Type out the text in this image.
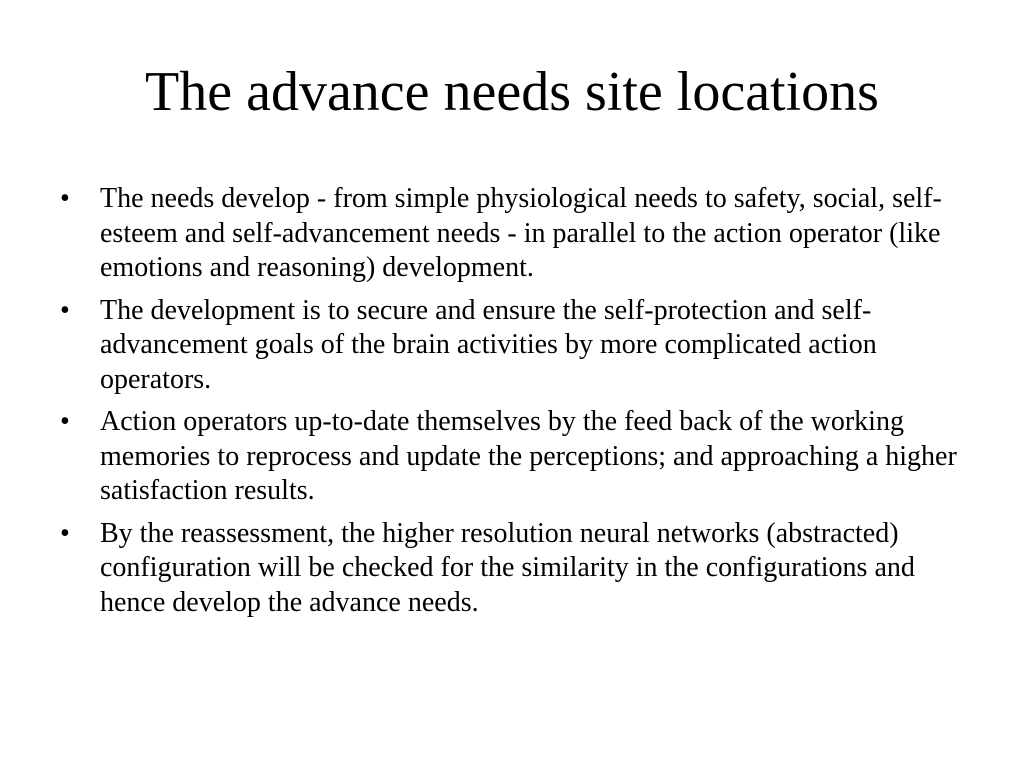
The advance needs site locations
• The needs develop - from simple physiological needs to safety, social, self-esteem and self-advancement needs - in parallel to the action operator (like emotions and reasoning) development.
• The development is to secure and ensure the self-protection and self-advancement goals of the brain activities by more complicated action operators.
• Action operators up-to-date themselves by the feed back of the working memories to reprocess and update the perceptions; and approaching a higher satisfaction results.
• By the reassessment, the higher resolution neural networks (abstracted) configuration will be checked for the similarity in the configurations and hence develop the advance needs.
